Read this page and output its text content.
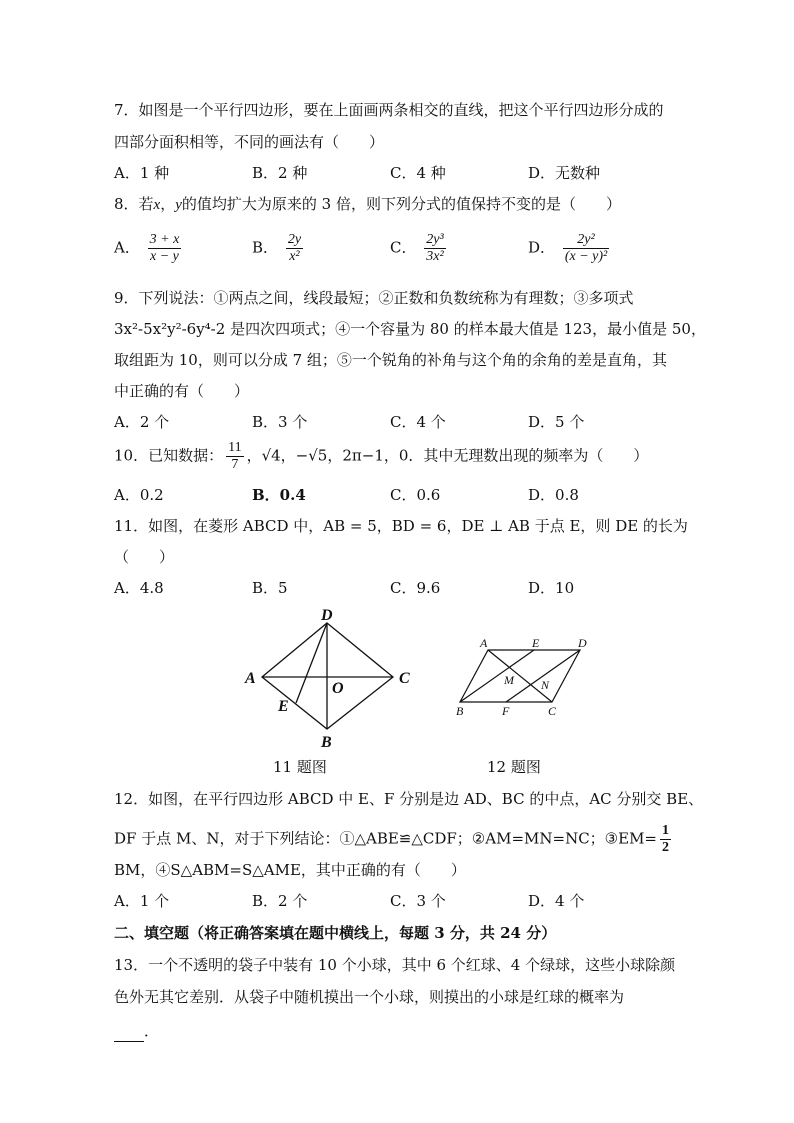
7．如图是一个平行四边形，要在上面画两条相交的直线，把这个平行四边形分成的
四部分面积相等，不同的画法有（　　）
A．1 种	B．2 种	C．4 种	D．无数种
8．若x，y的值均扩大为原来的 3 倍，则下列分式的值保持不变的是（　　）
A． $\frac{3 + x}{x - y}$	B． $\frac{2y}{\text{x²}}$	C． $\frac{\text{2y³}}{\text{3x²}}$	D． $\frac{\text{2y²}}{\text{(x − y)²}}$
9．下列说法：①两点之间，线段最短；②正数和负数统称为有理数；③多项式
3x²-5x²y²-6y⁴-2 是四次四项式；④一个容量为 80 的样本最大值是 123，最小值是 50，
取组距为 10，则可以分成 7 组；⑤一个锐角的补角与这个角的余角的差是直角，其
中正确的有（　　）
A．2 个	B．3 个	C．4 个	D．5 个
10．已知数据： $\frac{11}{7}$ ，√4，−√5，2π−1，0．其中无理数出现的频率为（　　）
A．0.2	B．0.4	C．0.6	D．0.8
11．如图，在菱形 ABCD 中，AB = 5，BD = 6，DE ⊥ AB 于点 E，则 DE 的长为
（　　）
A．4.8	B．5	C．9.6	D．10
D
A	C
O
E
B
11 题图
A	E	D
M N
B	F	C
12 题图
12．如图，在平行四边形 ABCD 中 E、F 分别是边 AD、BC 的中点，AC 分别交 BE、
DF 于点 M、N，对于下列结论：①△ABE≌△CDF；②AM=MN=NC；③EM= $\frac{1}{2}$
BM，④S△ABM=S△AME，其中正确的有（　　）
A．1 个	B．2 个	C．3 个	D．4 个
二、填空题（将正确答案填在题中横线上，每题 3 分，共 24 分）
13．一个不透明的袋子中装有 10 个小球，其中 6 个红球、4 个绿球，这些小球除颜
色外无其它差别．从袋子中随机摸出一个小球，则摸出的小球是红球的概率为
．
